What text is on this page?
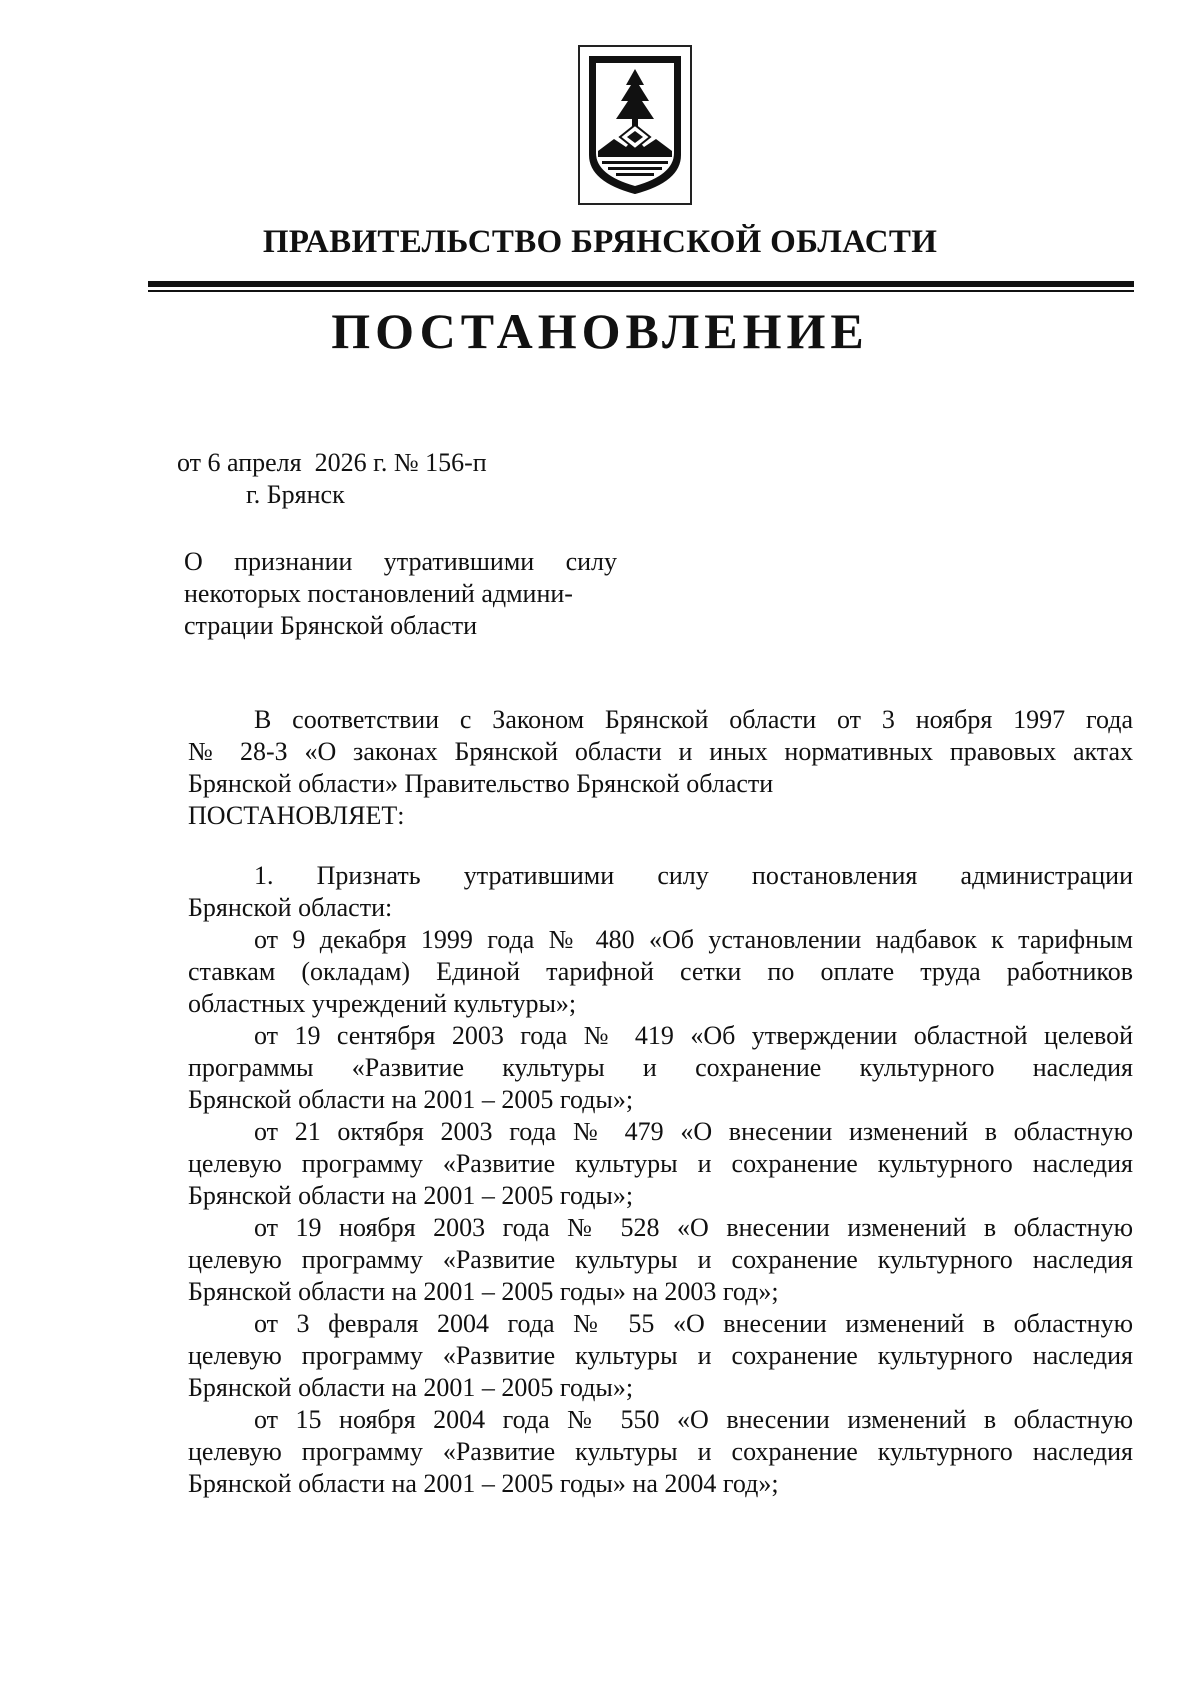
ПРАВИТЕЛЬСТВО БРЯНСКОЙ ОБЛАСТИ
ПОСТАНОВЛЕНИЕ
от 6 апреля  2026 г. № 156-п
г. Брянск
О признании утратившими силу
некоторых постановлений админи-
страции Брянской области
В соответствии с Законом Брянской области от 3 ноября 1997 года
№ 28-З «О законах Брянской области и иных нормативных правовых актах
Брянской области» Правительство Брянской области
ПОСТАНОВЛЯЕТ:
1. Признать утратившими силу постановления администрации
Брянской области:
от 9 декабря 1999 года № 480 «Об установлении надбавок к тарифным
ставкам (окладам) Единой тарифной сетки по оплате труда работников
областных учреждений культуры»;
от 19 сентября 2003 года № 419 «Об утверждении областной целевой
программы «Развитие культуры и сохранение культурного наследия
Брянской области на 2001 – 2005 годы»;
от 21 октября 2003 года № 479 «О внесении изменений в областную
целевую программу «Развитие культуры и сохранение культурного наследия
Брянской области на 2001 – 2005 годы»;
от 19 ноября 2003 года № 528 «О внесении изменений в областную
целевую программу «Развитие культуры и сохранение культурного наследия
Брянской области на 2001 – 2005 годы» на 2003 год»;
от 3 февраля 2004 года № 55 «О внесении изменений в областную
целевую программу «Развитие культуры и сохранение культурного наследия
Брянской области на 2001 – 2005 годы»;
от 15 ноября 2004 года № 550 «О внесении изменений в областную
целевую программу «Развитие культуры и сохранение культурного наследия
Брянской области на 2001 – 2005 годы» на 2004 год»;
